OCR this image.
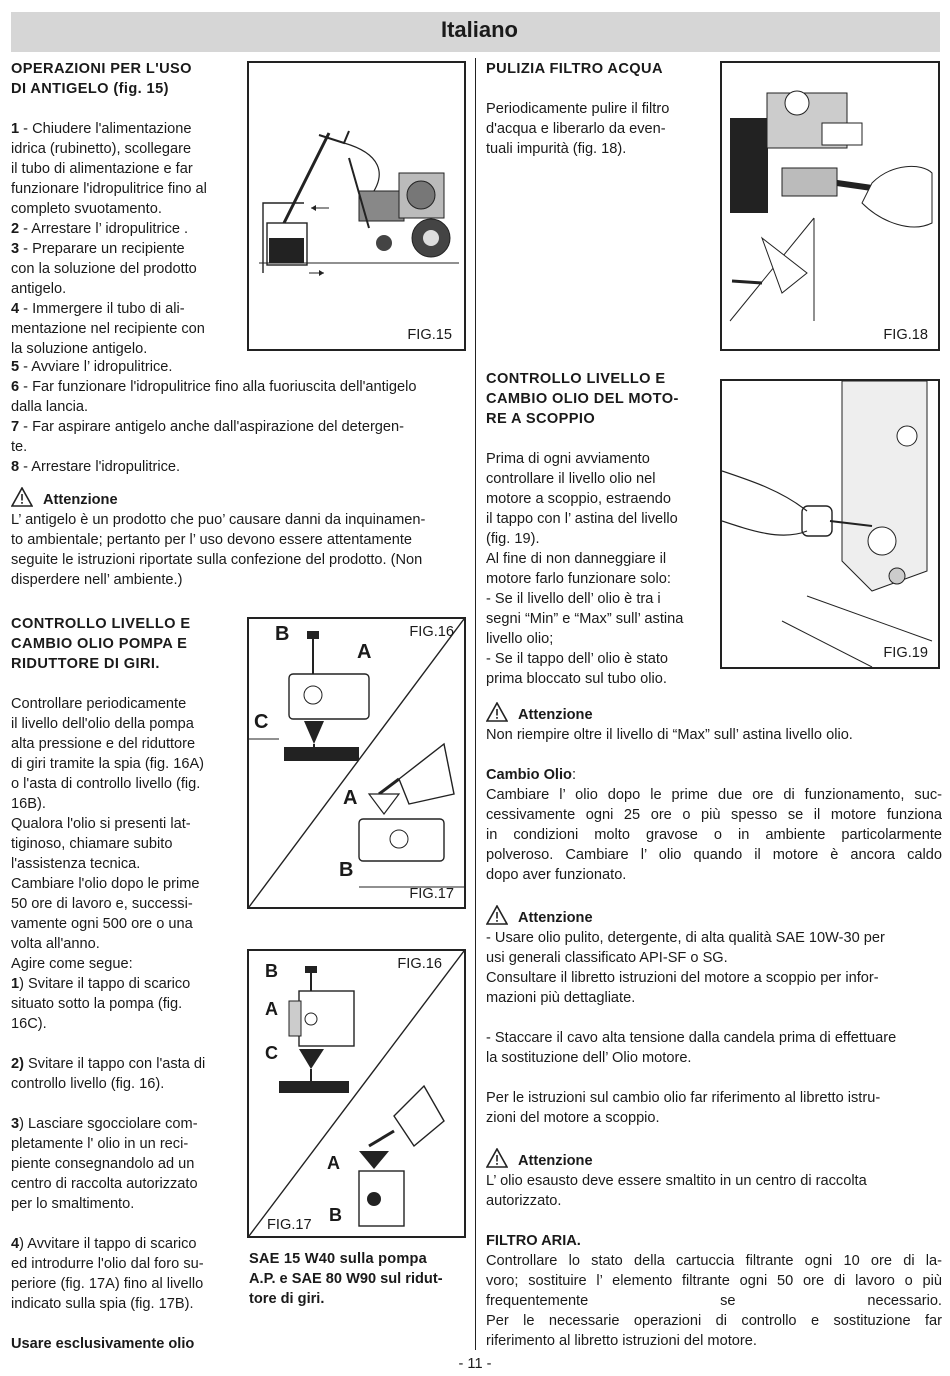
Italiano

OPERAZIONI PER L'USO

DI ANTIGELO (fig. 15)

1 - Chiudere l'alimentazione

idrica (rubinetto), scollegare

il tubo di alimentazione e far

funzionare l'idropulitrice fino al

completo svuotamento.

2 - Arrestare l’ idropulitrice .

3 - Preparare un recipiente

con la soluzione del prodotto

antigelo.

4 - Immergere il tubo di ali-

mentazione nel recipiente con

la soluzione antigelo.

5 - Avviare l’ idropulitrice.

6 - Far funzionare l'idropulitrice fino alla fuoriuscita dell'antigelo

dalla lancia.

7 - Far aspirare antigelo anche dall'aspirazione del detergen-

te.

8 - Arrestare l'idropulitrice.

Attenzione

L’ antigelo è un prodotto che puo’ causare danni da inquinamen-

to ambientale; pertanto per l’ uso devono essere attentamente

seguite le istruzioni riportate sulla confezione del prodotto. (Non

disperdere nell’ ambiente.)

FIG.15

CONTROLLO LIVELLO E

CAMBIO OLIO POMPA E

RIDUTTORE DI GIRI.

Controllare periodicamente

il livello dell'olio della pompa

alta pressione e del riduttore

di giri tramite la spia (fig. 16A)

o l'asta di controllo livello (fig.

16B).

Qualora l'olio si presenti lat-

tiginoso, chiamare subito

l'assistenza tecnica.

Cambiare l'olio dopo le prime

50 ore di lavoro e, successi-

vamente ogni 500 ore o una

volta all'anno.

Agire come segue:

1) Svitare il tappo di scarico

situato sotto la pompa (fig.

16C).

2) Svitare il tappo con l'asta di

controllo livello (fig. 16).

3) Lasciare sgocciolare com-

pletamente l' olio in un reci-

piente consegnandolo ad un

centro di raccolta autorizzato

per lo smaltimento.

4) Avvitare il tappo di scarico

ed introdurre l'olio dal foro su-

periore (fig. 17A) fino al livello

indicato sulla spia (fig. 17B).

Usare esclusivamente olio

B
A
C
A
B
FIG.16
FIG.17
B
A
C
A
B
FIG.16
FIG.17

SAE 15 W40 sulla pompa

A.P. e SAE 80 W90 sul ridut-

tore di giri.

PULIZIA FILTRO ACQUA

Periodicamente pulire il filtro

d'acqua e liberarlo da even-

tuali impurità (fig. 18).

FIG.18

CONTROLLO LIVELLO E

CAMBIO OLIO DEL MOTO-

RE A SCOPPIO

Prima di ogni avviamento

controllare il livello olio nel

motore a scoppio, estraendo

il tappo con l’ astina del livello

(fig. 19).

Al fine di non danneggiare il

motore farlo funzionare solo:

- Se il livello dell’ olio è tra i

segni “Min” e “Max” sull’ astina

livello olio;

- Se il tappo dell’ olio è stato

prima bloccato sul tubo olio.

FIG.19

Attenzione

Non riempire oltre il livello di “Max” sull’ astina livello olio.

Cambio Olio:

Cambiare l’ olio dopo le prime due ore di funzionamento, suc-

cessivamente ogni 25 ore o più spesso se il motore funziona

in condizioni molto gravose o in ambiente particolarmente

polveroso. Cambiare l’ olio quando il motore è ancora caldo

dopo aver funzionato.

Attenzione

- Usare olio pulito, detergente, di alta qualità SAE 10W-30 per

usi generali classificato API-SF o SG.

Consultare il libretto istruzioni del motore a scoppio per infor-

mazioni più dettagliate.

- Staccare il cavo alta tensione dalla candela prima di effettuare

la sostituzione dell’ Olio motore.

Per le istruzioni sul cambio olio far riferimento al libretto istru-

zioni del motore a scoppio.

Attenzione

L’ olio esausto deve essere smaltito in un centro di raccolta

autorizzato.

FILTRO ARIA.

Controllare lo stato della cartuccia filtrante ogni 10 ore di la-

voro; sostituire l’ elemento filtrante ogni 50 ore di lavoro o più

frequentemente se necessario.

Per le necessarie operazioni di controllo e sostituzione far

riferimento al libretto istruzioni del motore.

- 11 -
